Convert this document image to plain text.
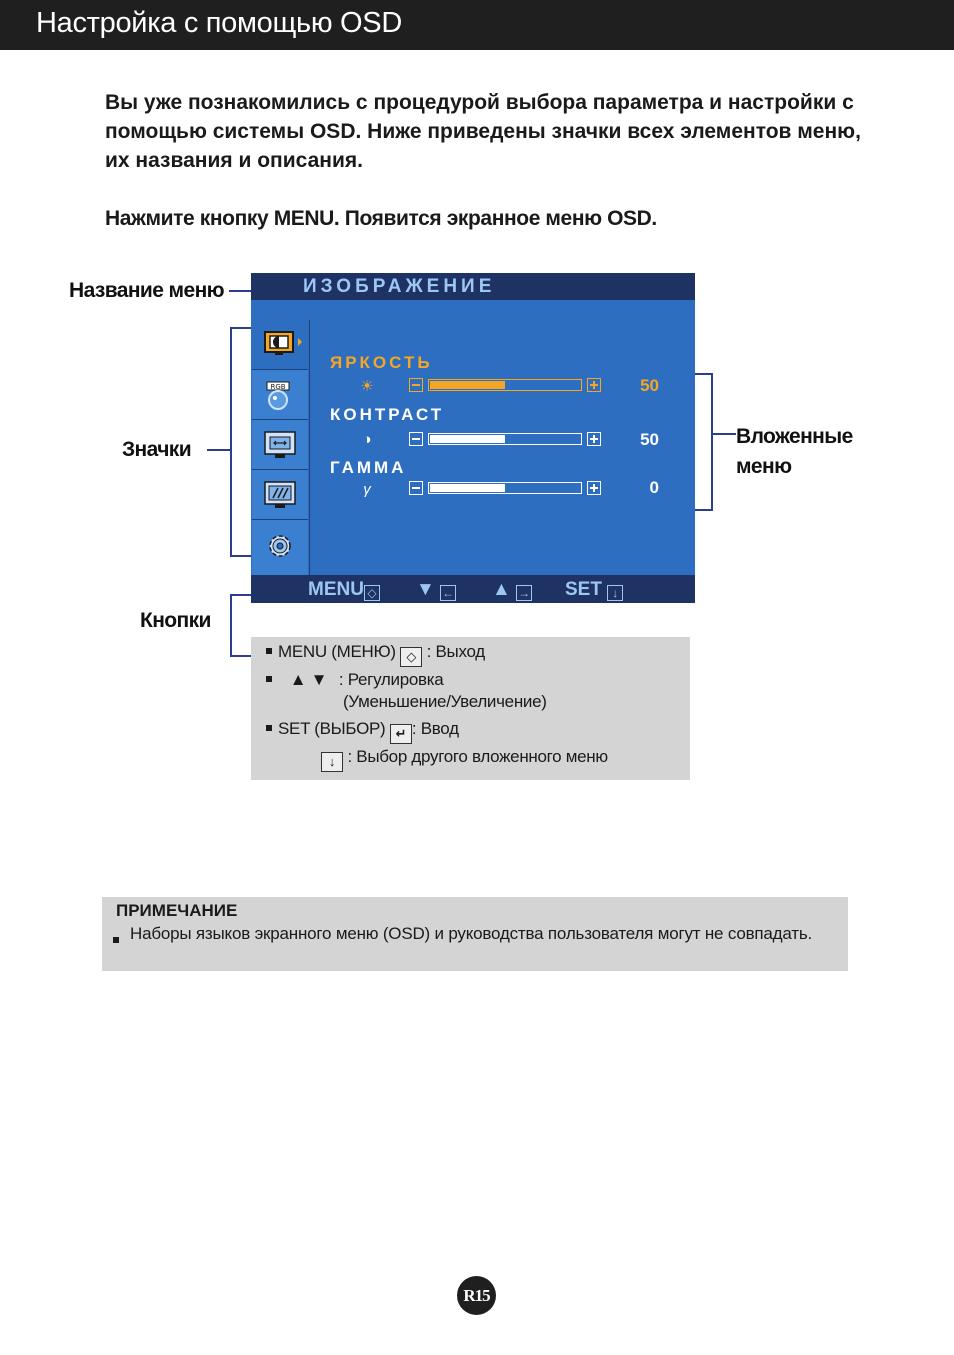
Настройка с помощью OSD
Вы уже познакомились с процедурой выбора параметра и настройки с помощью системы OSD. Ниже приведены значки всех элементов меню, их названия и описания.
Нажмите кнопку MENU. Появится экранное меню OSD.
Название меню
Значки
Кнопки
Вложенные меню
ИЗОБРАЖЕНИЕ
RGB
ЯРКОСТЬ
☀	50
КОНТРАСТ
◑	50
ГАММА
γ	0
MENU ◇ ▼ ← ▲ → SET ↓
MENU (МЕНЮ) ◇ : Выход
▲ ▼ : Регулировка
(Уменьшение/Увеличение)
SET (ВЫБОР) ↵ : Ввод
↓ : Выбор другого вложенного меню
ПРИМЕЧАНИЕ
Наборы языков экранного меню (OSD) и руководства пользователя могут не совпадать.
R15
